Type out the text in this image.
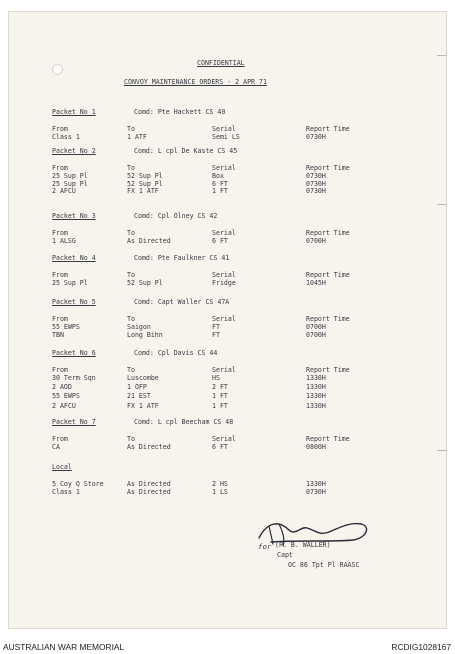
CONFIDENTIAL
CONVOY MAINTENANCE ORDERS - 2 APR 71
Packet No 1	Comd: Pte Hackett CS 40
From	To	Serial	Report Time
Class 1	1 ATF	Semi LS	0730H
Packet No 2	Comd: L cpl De Kaste CS 45
From	To	Serial	Report Time
25 Sup Pl	52 Sup Pl	Box	0730H
25 Sup Pl	52 Sup Pl	6 FT	0730H
2 AFCU	FX 1 ATF	1 FT	0730H
Packet No 3	Comd: Cpl Olney CS 42
From	To	Serial	Report Time
1 ALSG	As Directed	6 FT	0700H
Packet No 4	Comd: Pte Faulkner CS 41
From	To	Serial	Report Time
25 Sup Pl	52 Sup Pl	Fridge	1045H
Packet No 5	Comd: Capt Waller CS 47A
From	To	Serial	Report Time
55 EWPS	Saigon	FT	0700H
TBN	Long Bihn	FT	0700H
Packet No 6	Comd: Cpl Davis CS 44
From	To	Serial	Report Time
30 Term Sqn	Luscombe	HS	1330H
2 AOD	1 OFP	2 FT	1330H
55 EWPS	21 EST	1 FT	1330H
2 AFCU	FX 1 ATF	1 FT	1330H
Packet No 7	Comd: L cpl Beecham CS 48
From	To	Serial	Report Time
CA	As Directed	6 FT	0800H
Local
5 Coy Q Store	As Directed	2 HS	1330H
Class 1	As Directed	1 LS	0730H
for (P. B. WALLER)
Capt
OC 86 Tpt Pl RAASC
AUSTRALIAN WAR MEMORIAL	RCDIG1028167
